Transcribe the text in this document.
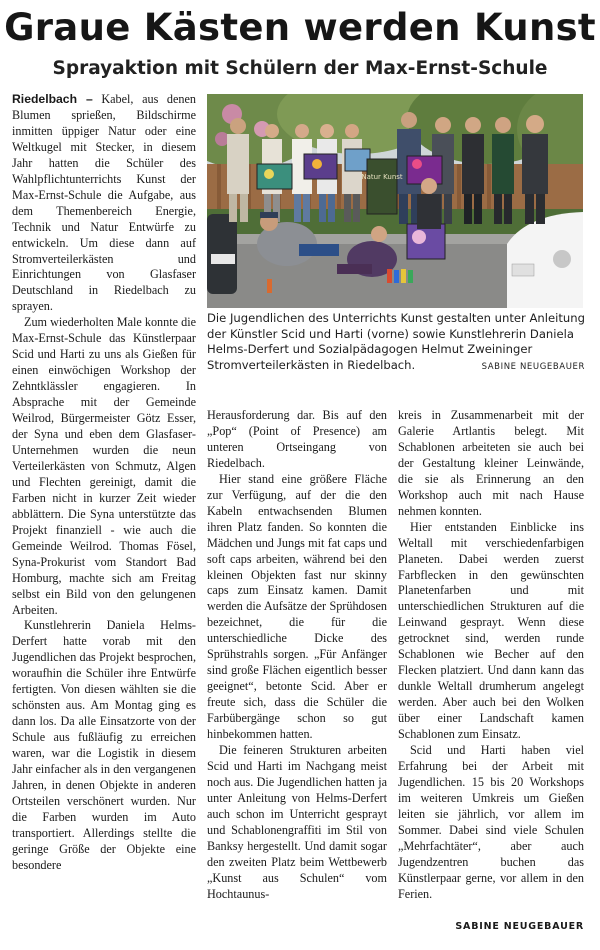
Graue Kästen werden Kunst
Sprayaktion mit Schülern der Max-Ernst-Schule

Riedelbach – Kabel, aus denen Blumen sprießen, Bildschirme inmitten üppiger Natur oder eine Weltkugel mit Stecker, in diesem Jahr hatten die Schüler des Wahlpflichtunterrichts Kunst der Max-Ernst-Schule die Aufgabe, aus dem Themenbereich Energie, Technik und Natur Entwürfe zu entwickeln. Um diese dann auf Stromverteilerkästen und Einrichtungen von Glasfaser Deutschland in Riedelbach zu sprayen.

Zum wiederholten Male konnte die Max-Ernst-Schule das Künstlerpaar Scid und Harti zu uns als Gießen für einen einwöchigen Workshop der Zehntklässler engagieren. In Absprache mit der Gemeinde Weilrod, Bürgermeister Götz Esser, der Syna und eben dem Glasfaser-Unternehmen wurden die neun Verteilerkästen von Schmutz, Algen und Flechten gereinigt, damit die Farben nicht in kurzer Zeit wieder abblättern. Die Syna unterstützte das Projekt finanziell - wie auch die Gemeinde Weilrod. Thomas Fösel, Syna-Prokurist vom Standort Bad Homburg, machte sich am Freitag selbst ein Bild von den gelungenen Arbeiten.

Kunstlehrerin Daniela Helms-Derfert hatte vorab mit den Jugendlichen das Projekt besprochen, woraufhin die Schüler ihre Entwürfe fertigten. Von diesen wählten sie die schönsten aus. Am Montag ging es dann los. Da alle Einsatzorte von der Schule aus fußläufig zu erreichen waren, war die Logistik in diesem Jahr einfacher als in den vergangenen Jahren, in denen Objekte in anderen Ortsteilen verschönert wurden. Nur die Farben wurden im Auto transportiert. Allerdings stellte die geringe Größe der Objekte eine besondere

Natur Kunst
Die Jugendlichen des Unterrichts Kunst gestalten unter Anleitung der Künstler Scid und Harti (vorne) sowie Kunstlehrerin Daniela Helms-Derfert und Sozialpädagogen Helmut Zweininger Stromverteilerkästen in Riedelbach.	SABINE NEUGEBAUER

Herausforderung dar. Bis auf den „Pop“ (Point of Presence) am unteren Ortseingang von Riedelbach.

Hier stand eine größere Fläche zur Verfügung, auf der die den Kabeln entwachsenden Blumen ihren Platz fanden. So konnten die Mädchen und Jungs mit fat caps und soft caps arbeiten, während bei den kleinen Objekten fast nur skinny caps zum Einsatz kamen. Damit werden die Aufsätze der Sprühdosen bezeichnet, die für die unterschiedliche Dicke des Sprühstrahls sorgen. „Für Anfänger sind große Flächen eigentlich besser geeignet“, betonte Scid. Aber er freute sich, dass die Schüler die Farbübergänge schon so gut hinbekommen hatten.

Die feineren Strukturen arbeiten Scid und Harti im Nachgang meist noch aus. Die Jugendlichen hatten ja unter Anleitung von Helms-Derfert auch schon im Unterricht gesprayt und Schablonengraffiti im Stil von Banksy hergestellt. Und damit sogar den zweiten Platz beim Wettbewerb „Kunst aus Schulen“ vom Hochtaunus-

kreis in Zusammenarbeit mit der Galerie Artlantis belegt. Mit Schablonen arbeiteten sie auch bei der Gestaltung kleiner Leinwände, die sie als Erinnerung an den Workshop auch mit nach Hause nehmen konnten.

Hier entstanden Einblicke ins Weltall mit verschiedenfarbigen Planeten. Dabei werden zuerst Farbflecken in den gewünschten Planetenfarben und mit unterschiedlichen Strukturen auf die Leinwand gesprayt. Wenn diese getrocknet sind, werden runde Schablonen wie Becher auf den Flecken platziert. Und dann kann das dunkle Weltall drumherum angelegt werden. Aber auch bei den Wolken über einer Landschaft kamen Schablonen zum Einsatz.

Scid und Harti haben viel Erfahrung bei der Arbeit mit Jugendlichen. 15 bis 20 Workshops im weiteren Umkreis um Gießen leiten sie jährlich, vor allem im Sommer. Dabei sind viele Schulen „Mehrfachtäter“, aber auch Jugendzentren buchen das Künstlerpaar gerne, vor allem in den Ferien.

SABINE NEUGEBAUER
